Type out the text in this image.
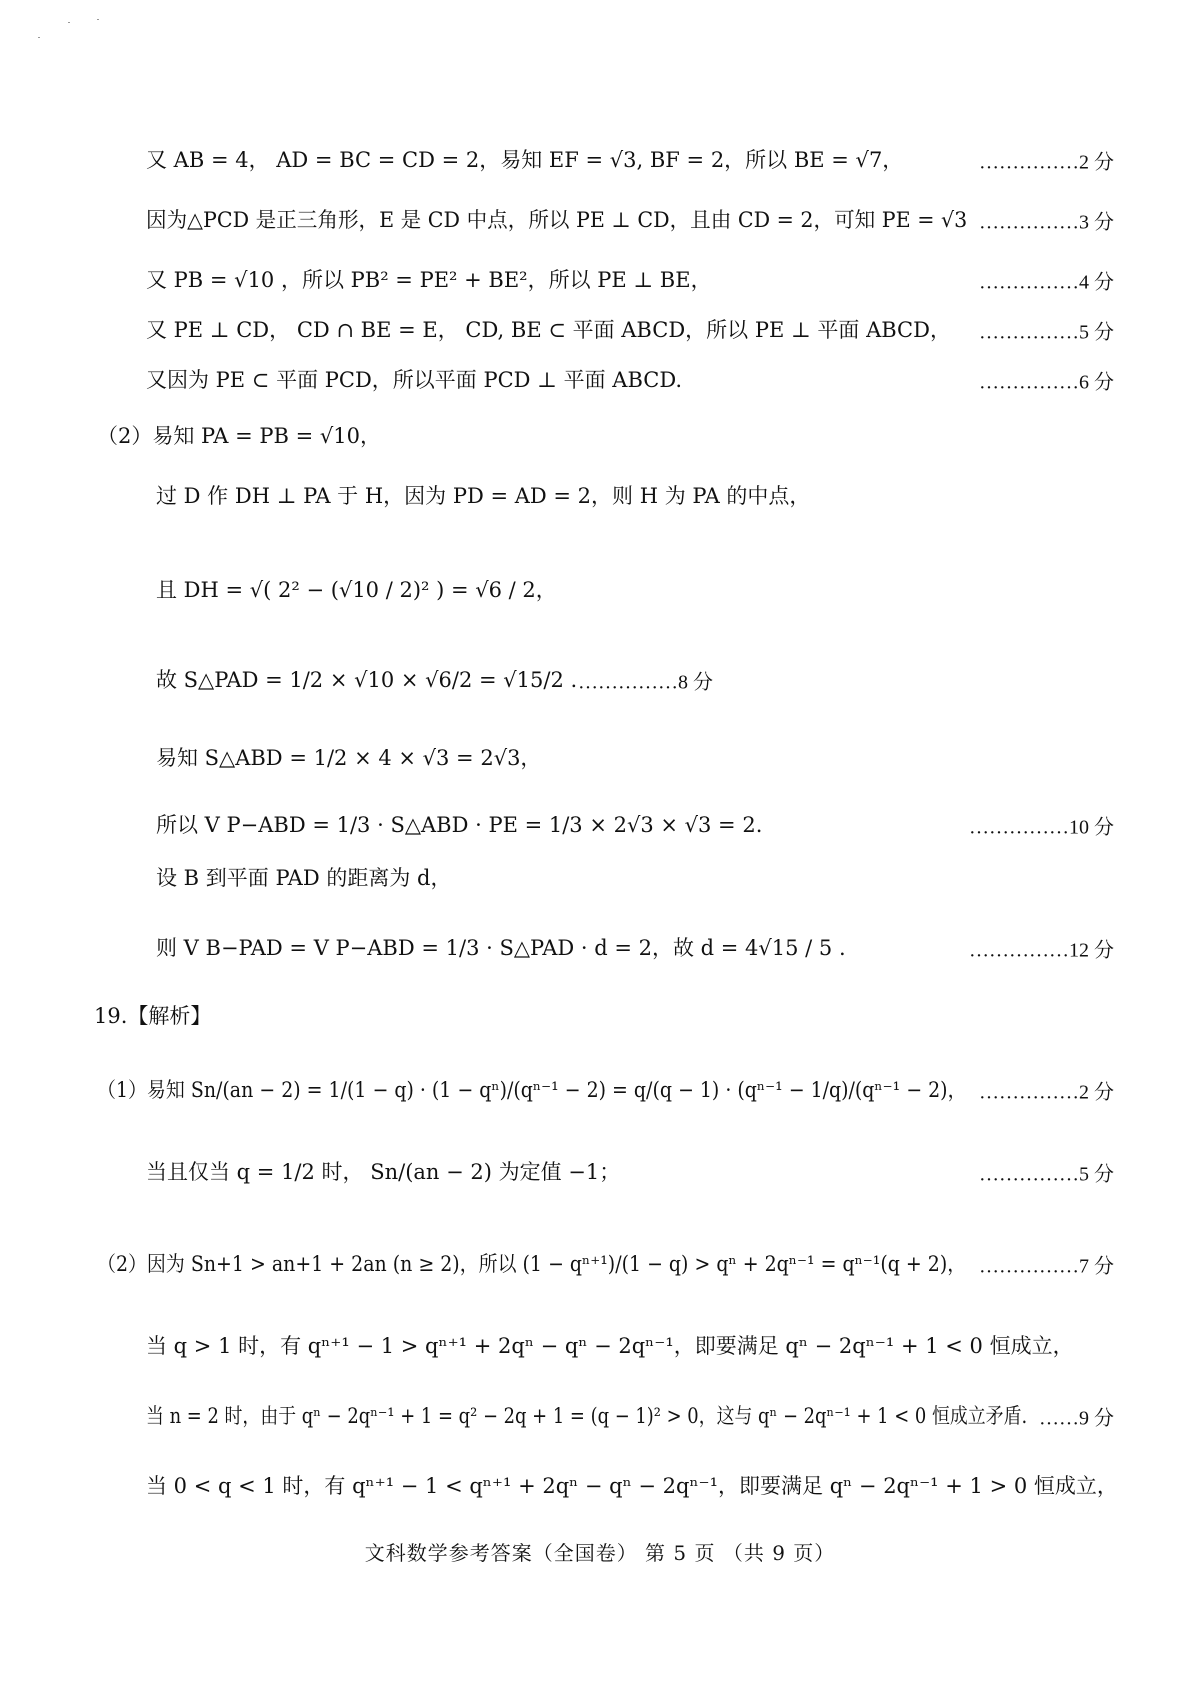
又 AB = 4， AD = BC = CD = 2，易知 EF = √3, BF = 2，所以 BE = √7，	……………2 分
因为△PCD 是正三角形，E 是 CD 中点，所以 PE ⊥ CD，且由 CD = 2，可知 PE = √3 ……………3 分
又 PB = √10 ，所以 PB² = PE² + BE²，所以 PE ⊥ BE，	……………4 分
又 PE ⊥ CD， CD ∩ BE = E， CD, BE ⊂ 平面 ABCD，所以 PE ⊥ 平面 ABCD， ……………5 分
又因为 PE ⊂ 平面 PCD，所以平面 PCD ⊥ 平面 ABCD.	……………6 分
（2）易知 PA = PB = √10，
过 D 作 DH ⊥ PA 于 H，因为 PD = AD = 2，则 H 为 PA 的中点，
且 DH = √( 2² − (√10 / 2)² ) = √6 / 2，
故 S△PAD = 1/2 × √10 × √6/2 = √15/2 . ……………8 分
易知 S△ABD = 1/2 × 4 × √3 = 2√3，
所以 V P−ABD = 1/3 · S△ABD · PE = 1/3 × 2√3 × √3 = 2.	……………10 分
设 B 到平面 PAD 的距离为 d，
则 V B−PAD = V P−ABD = 1/3 · S△PAD · d = 2，故 d = 4√15 / 5 .	……………12 分
19.【解析】
（1）易知 Sn/(an − 2) = 1/(1 − q) · (1 − qⁿ)/(qⁿ⁻¹ − 2) = q/(q − 1) · (qⁿ⁻¹ − 1/q)/(qⁿ⁻¹ − 2)， ……………2 分
当且仅当 q = 1/2 时， Sn/(an − 2) 为定值 −1；	……………5 分
（2）因为 Sn+1 > an+1 + 2an (n ≥ 2)，所以 (1 − qⁿ⁺¹)/(1 − q) > qⁿ + 2qⁿ⁻¹ = qⁿ⁻¹(q + 2)， ……………7 分
当 q > 1 时，有 qⁿ⁺¹ − 1 > qⁿ⁺¹ + 2qⁿ − qⁿ − 2qⁿ⁻¹，即要满足 qⁿ − 2qⁿ⁻¹ + 1 < 0 恒成立，
当 n = 2 时，由于 qⁿ − 2qⁿ⁻¹ + 1 = q² − 2q + 1 = (q − 1)² > 0，这与 qⁿ − 2qⁿ⁻¹ + 1 < 0 恒成立矛盾. ……9 分
当 0 < q < 1 时，有 qⁿ⁺¹ − 1 < qⁿ⁺¹ + 2qⁿ − qⁿ − 2qⁿ⁻¹，即要满足 qⁿ − 2qⁿ⁻¹ + 1 > 0 恒成立，
文科数学参考答案（全国卷） 第 5 页 （共 9 页）
